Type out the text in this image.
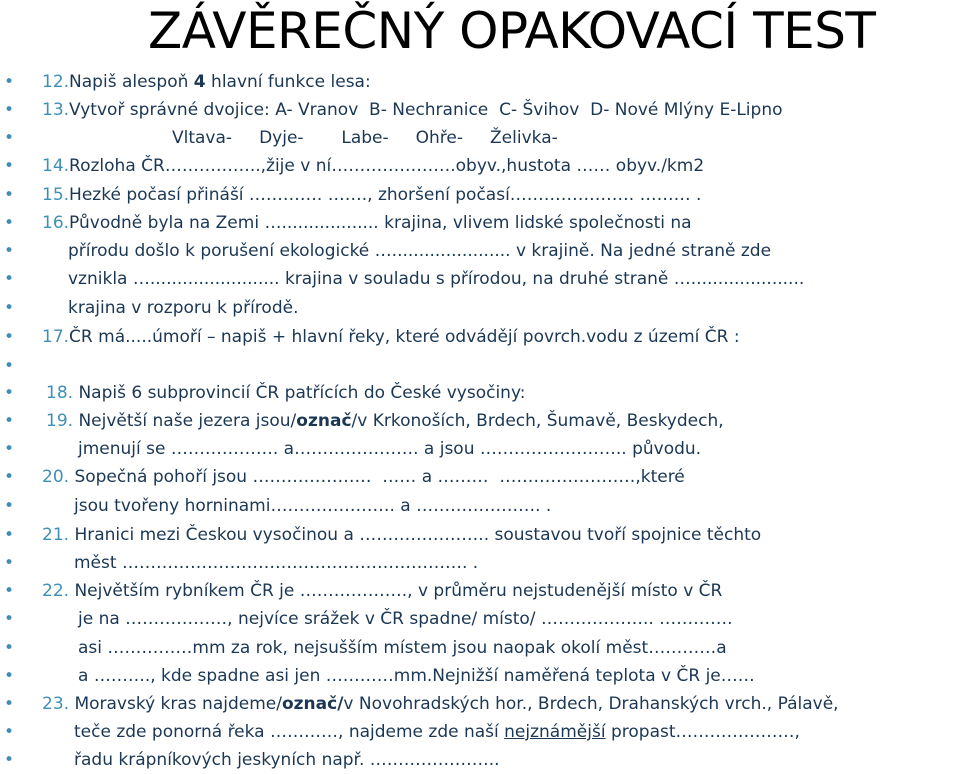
ZÁVĚREČNÝ OPAKOVACÍ TEST
• 12.Napiš alespoň 4 hlavní funkce lesa:
• 13.Vytvoř správné dvojice: A- Vranov  B- Nechranice  C- Švihov  D- Nové Mlýny E-Lipno
•	Vltava-     Dyje-       Labe-     Ohře-     Želivka-
• 14.Rozloha ČR……………..,žije v ní………………….obyv.,hustota …… obyv./km2
• 15.Hezké počasí přináší …………. ……., zhoršení počasí…………………. ……… .
• 16.Původně byla na Zemi ….................. krajina, vlivem lidské společnosti na
•	přírodu došlo k porušení ekologické …...................... v krajině. Na jedné straně zde
•	vznikla …........................ krajina v souladu s přírodou, na druhé straně ….....................
•	krajina v rozporu k přírodě.
• 17.ČR má.....úmoří – napiš + hlavní řeky, které odvádějí povrch.vodu z území ČR :
•
• 18. Napiš 6 subprovincií ČR patřících do České vysočiny:
• 19. Největší naše jezera jsou/označ/v Krkonoších, Brdech, Šumavě, Beskydech,
•	jmenují se ………………. a…………………. a jsou …………………….. původu.
• 20. Sopečná pohoří jsou …………………  …… a ………  ……………………,které
•	jsou tvořeny horninami…………………. a …………………. .
• 21. Hranici mezi Českou vysočinou a ………………….. soustavou tvoří spojnice těchto
•	měst ……………………………………………………. .
• 22. Největším rybníkem ČR je ………………., v průměru nejstudenější místo v ČR
•	je na ………………, nejvíce srážek v ČR spadne/ místo/ ……………….. ………….
•	asi ……………mm za rok, nejsušším místem jsou naopak okolí měst…………a
•	a ………., kde spadne asi jen …………mm.Nejnižší naměřená teplota v ČR je……
• 23. Moravský kras najdeme/označ/v Novohradských hor., Brdech, Drahanských vrch., Pálavě,
•	teče zde ponorná řeka …………, najdeme zde naší nejznámější propast…………………,
•	řadu krápníkových jeskyních např. …………………..
